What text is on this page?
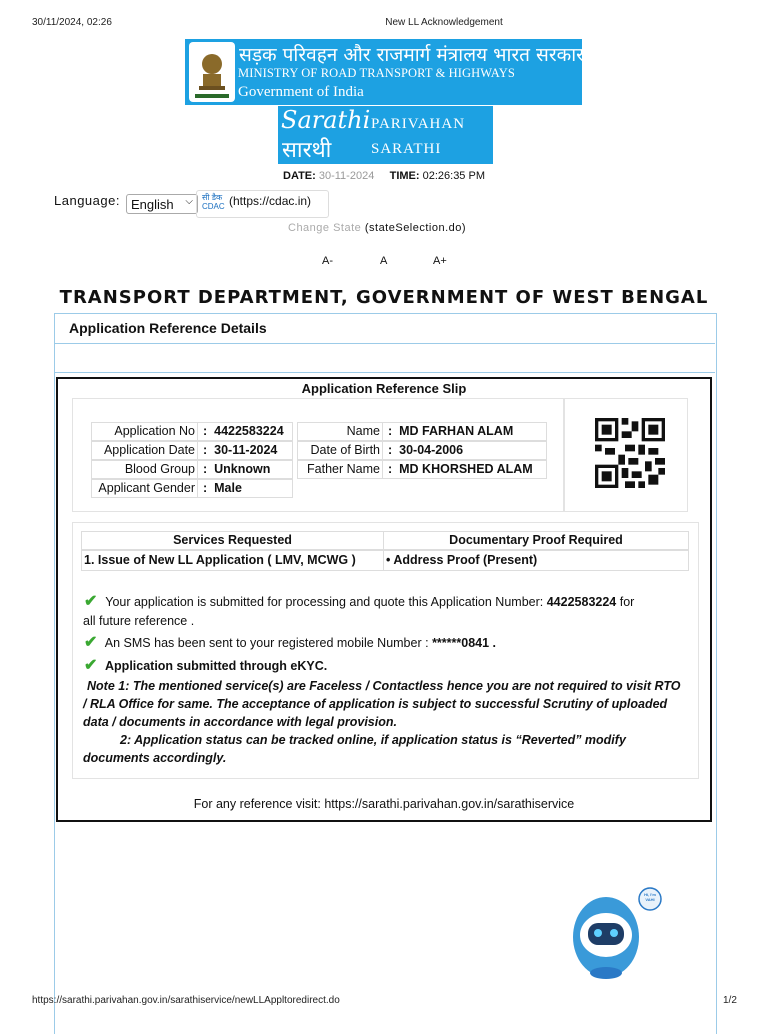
30/11/2024, 02:26	New LL Acknowledgement
सड़क परिवहन और राजमार्ग मंत्रालय भारत सरकार
MINISTRY OF ROAD TRANSPORT & HIGHWAYS
Government of India
Sarathi
सारथी
PARIVAHAN
SARATHI
DATE: 30-11-2024 TIME: 02:26:35 PM
Language: English ⌵ सी डैक CDAC (https://cdac.in)
Change State (stateSelection.do)
A-	A	A+
TRANSPORT DEPARTMENT, GOVERNMENT OF WEST BENGAL
Application Reference Details
Application Reference Slip
Application No : 4422583224
Application Date : 30-11-2024
Blood Group : Unknown
Applicant Gender : Male
Name : MD FARHAN ALAM
Date of Birth : 30-04-2006
Father Name : MD KHORSHED ALAM
Services Requested	Documentary Proof Required
1. Issue of New LL Application ( LMV, MCWG )	• Address Proof (Present)
✔ Your application is submitted for processing and quote this Application Number: 4422583224 for
all future reference .
✔ An SMS has been sent to your registered mobile Number : ******0841 .
✔ Application submitted through eKYC.
Note 1: The mentioned service(s) are Faceless / Contactless hence you are not required to visit RTO / RLA Office for same. The acceptance of application is subject to successful Scrutiny of uploaded data / documents in accordance with legal provision.
2: Application status can be tracked online, if application status is “Reverted” modify documents accordingly.
For any reference visit: https://sarathi.parivahan.gov.in/sarathiservice
Hi, I'm VAHI
https://sarathi.parivahan.gov.in/sarathiservice/newLLAppltoredirect.do	1/2
